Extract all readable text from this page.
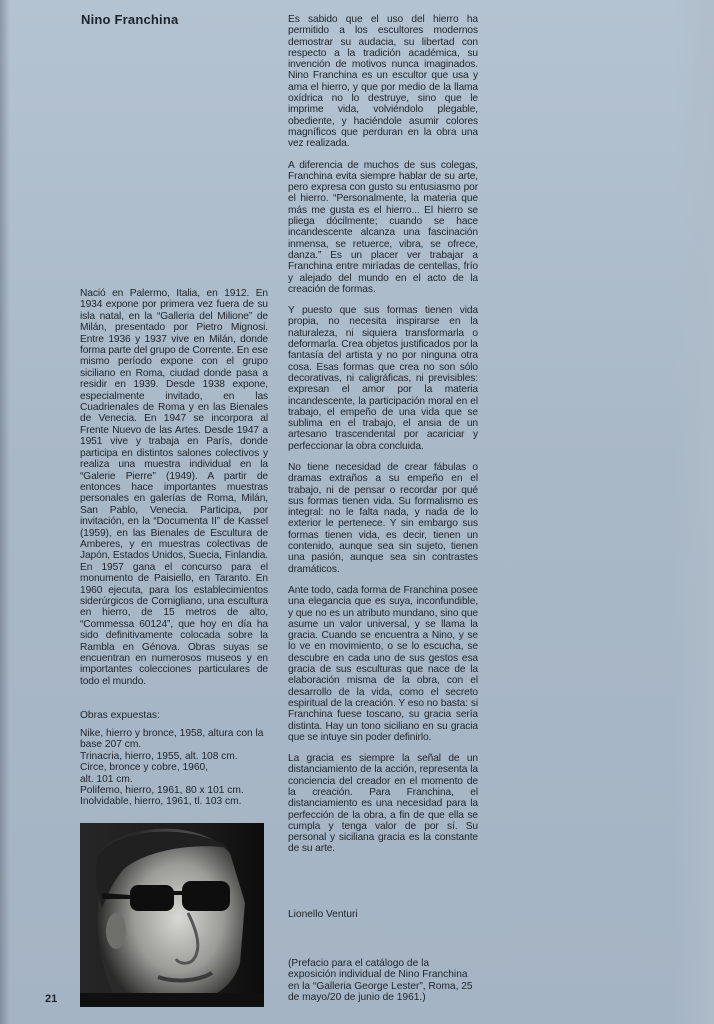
Nino Franchina

Nació en Palermo, Italia, en 1912. En 1934 expone por primera vez fuera de su isla natal, en la “Galleria del Milione” de Milán, presentado por Pietro Mignosi. Entre 1936 y 1937 vive en Milán, donde forma parte del grupo de Corrente. En ese mismo período expone con el grupo siciliano en Roma, ciudad donde pasa a residir en 1939. Desde 1938 expone, especialmente invitado, en las Cuadrienales de Roma y en las Bienales de Venecia. En 1947 se incorpora al Frente Nuevo de las Artes. Desde 1947 a 1951 vive y trabaja en París, donde participa en distintos salones colectivos y realiza una muestra individual en la “Galerie Pierre” (1949). A partir de entonces hace importantes muestras personales en galerías de Roma, Milán, San Pablo, Venecia. Participa, por invitación, en la “Documenta II” de Kassel (1959), en las Bienales de Escultura de Amberes, y en muestras colectivas de Japón, Estados Unidos, Suecia, Finlandia. En 1957 gana el concurso para el monumento de Paisiello, en Taranto. En 1960 ejecuta, para los establecimientos siderúrgicos de Corniglianо, una escultura en hierro, de 15 metros de alto, “Commessa 60124”, que hoy en día ha sido definitivamente colocada sobre la Rambla en Génova. Obras suyas se encuentran en numerosos museos y en importantes colecciones particulares de todo el mundo.

Obras expuestas:
Nike, hierro y bronce, 1958, altura con la base 207 cm.
Trinacria, hierro, 1955, alt. 108 cm.
Circe, bronce y cobre, 1960,
alt. 101 cm.
Polifemo, hierro, 1961, 80 x 101 cm.
Inolvidable, hierro, 1961, tl. 103 cm.

Es sabido que el uso del hierro ha permitido a los escultores modernos demostrar su audacia, su libertad con respecto a la tradición académica, su invención de motivos nunca imaginados. Nino Franchina es un escultor que usa y ama el hierro, y que por medio de la llama oxídrica no lo destruye, sino que le imprime vida, volviéndolo plegable, obediente, y haciéndole asumir colores magníficos que perduran en la obra una vez realizada.

A diferencia de muchos de sus colegas, Franchina evita siempre hablar de su arte, pero expresa con gusto su entusiasmo por el hierro. “Personalmente, la materia que más me gusta es el hierro... El hierro se pliega dócilmente; cuando se hace incandescente alcanza una fascinación inmensa, se retuerce, vibra, se ofrece, danza.” Es un placer ver trabajar a Franchina entre miríadas de centellas, frío y alejado del mundo en el acto de la creación de formas.

Y puesto que sus formas tienen vida propia, no necesita inspirarse en la naturaleza, ni siquiera transformarla o deformarla. Crea objetos justificados por la fantasía del artista y no por ninguna otra cosa. Esas formas que crea no son sólo decorativas, ni caligráficas, ni previsibles: expresan el amor por la materia incandescente, la participación moral en el trabajo, el empeño de una vida que se sublima en el trabajo, el ansia de un artesano trascendental por acariciar y perfeccionar la obra concluida.

No tiene necesidad de crear fábulas o dramas extraños a su empeño en el trabajo, ni de pensar o recordar por qué sus formas tienen vida. Su formalismo es integral: no le falta nada, y nada de lo exterior le pertenece. Y sin embargo sus formas tienen vida, es decir, tienen un contenido, aunque sea sin sujeto, tienen una pasión, aunque sea sin contrastes dramáticos.

Ante todo, cada forma de Franchina posee una elegancia que es suya, inconfundible, y que no es un atributo mundano, sino que asume un valor universal, y se llama la gracia. Cuando se encuentra a Nino, y se lo ve en movimiento, o se lo escucha, se descubre en cada uno de sus gestos esa gracia de sus esculturas que nace de la elaboración misma de la obra, con el desarrollo de la vida, como el secreto espiritual de la creación. Y eso no basta: si Franchina fuese toscano, su gracia sería distinta. Hay un tono siciliano en su gracia que se intuye sin poder definirlo.

La gracia es siempre la señal de un distanciamiento de la acción, representa la conciencia del creador en el momento de la creación. Para Franchina, el distanciamiento es una necesidad para la perfección de la obra, a fin de que ella se cumpla y tenga valor de por sí. Su personal y siciliana gracia es la constante de su arte.

Lionello Venturi
(Prefacio para el catálogo de la exposición individual de Nino Franchina en la “Galleria George Lester”, Roma, 25 de mayo/20 de junio de 1961.)
21
